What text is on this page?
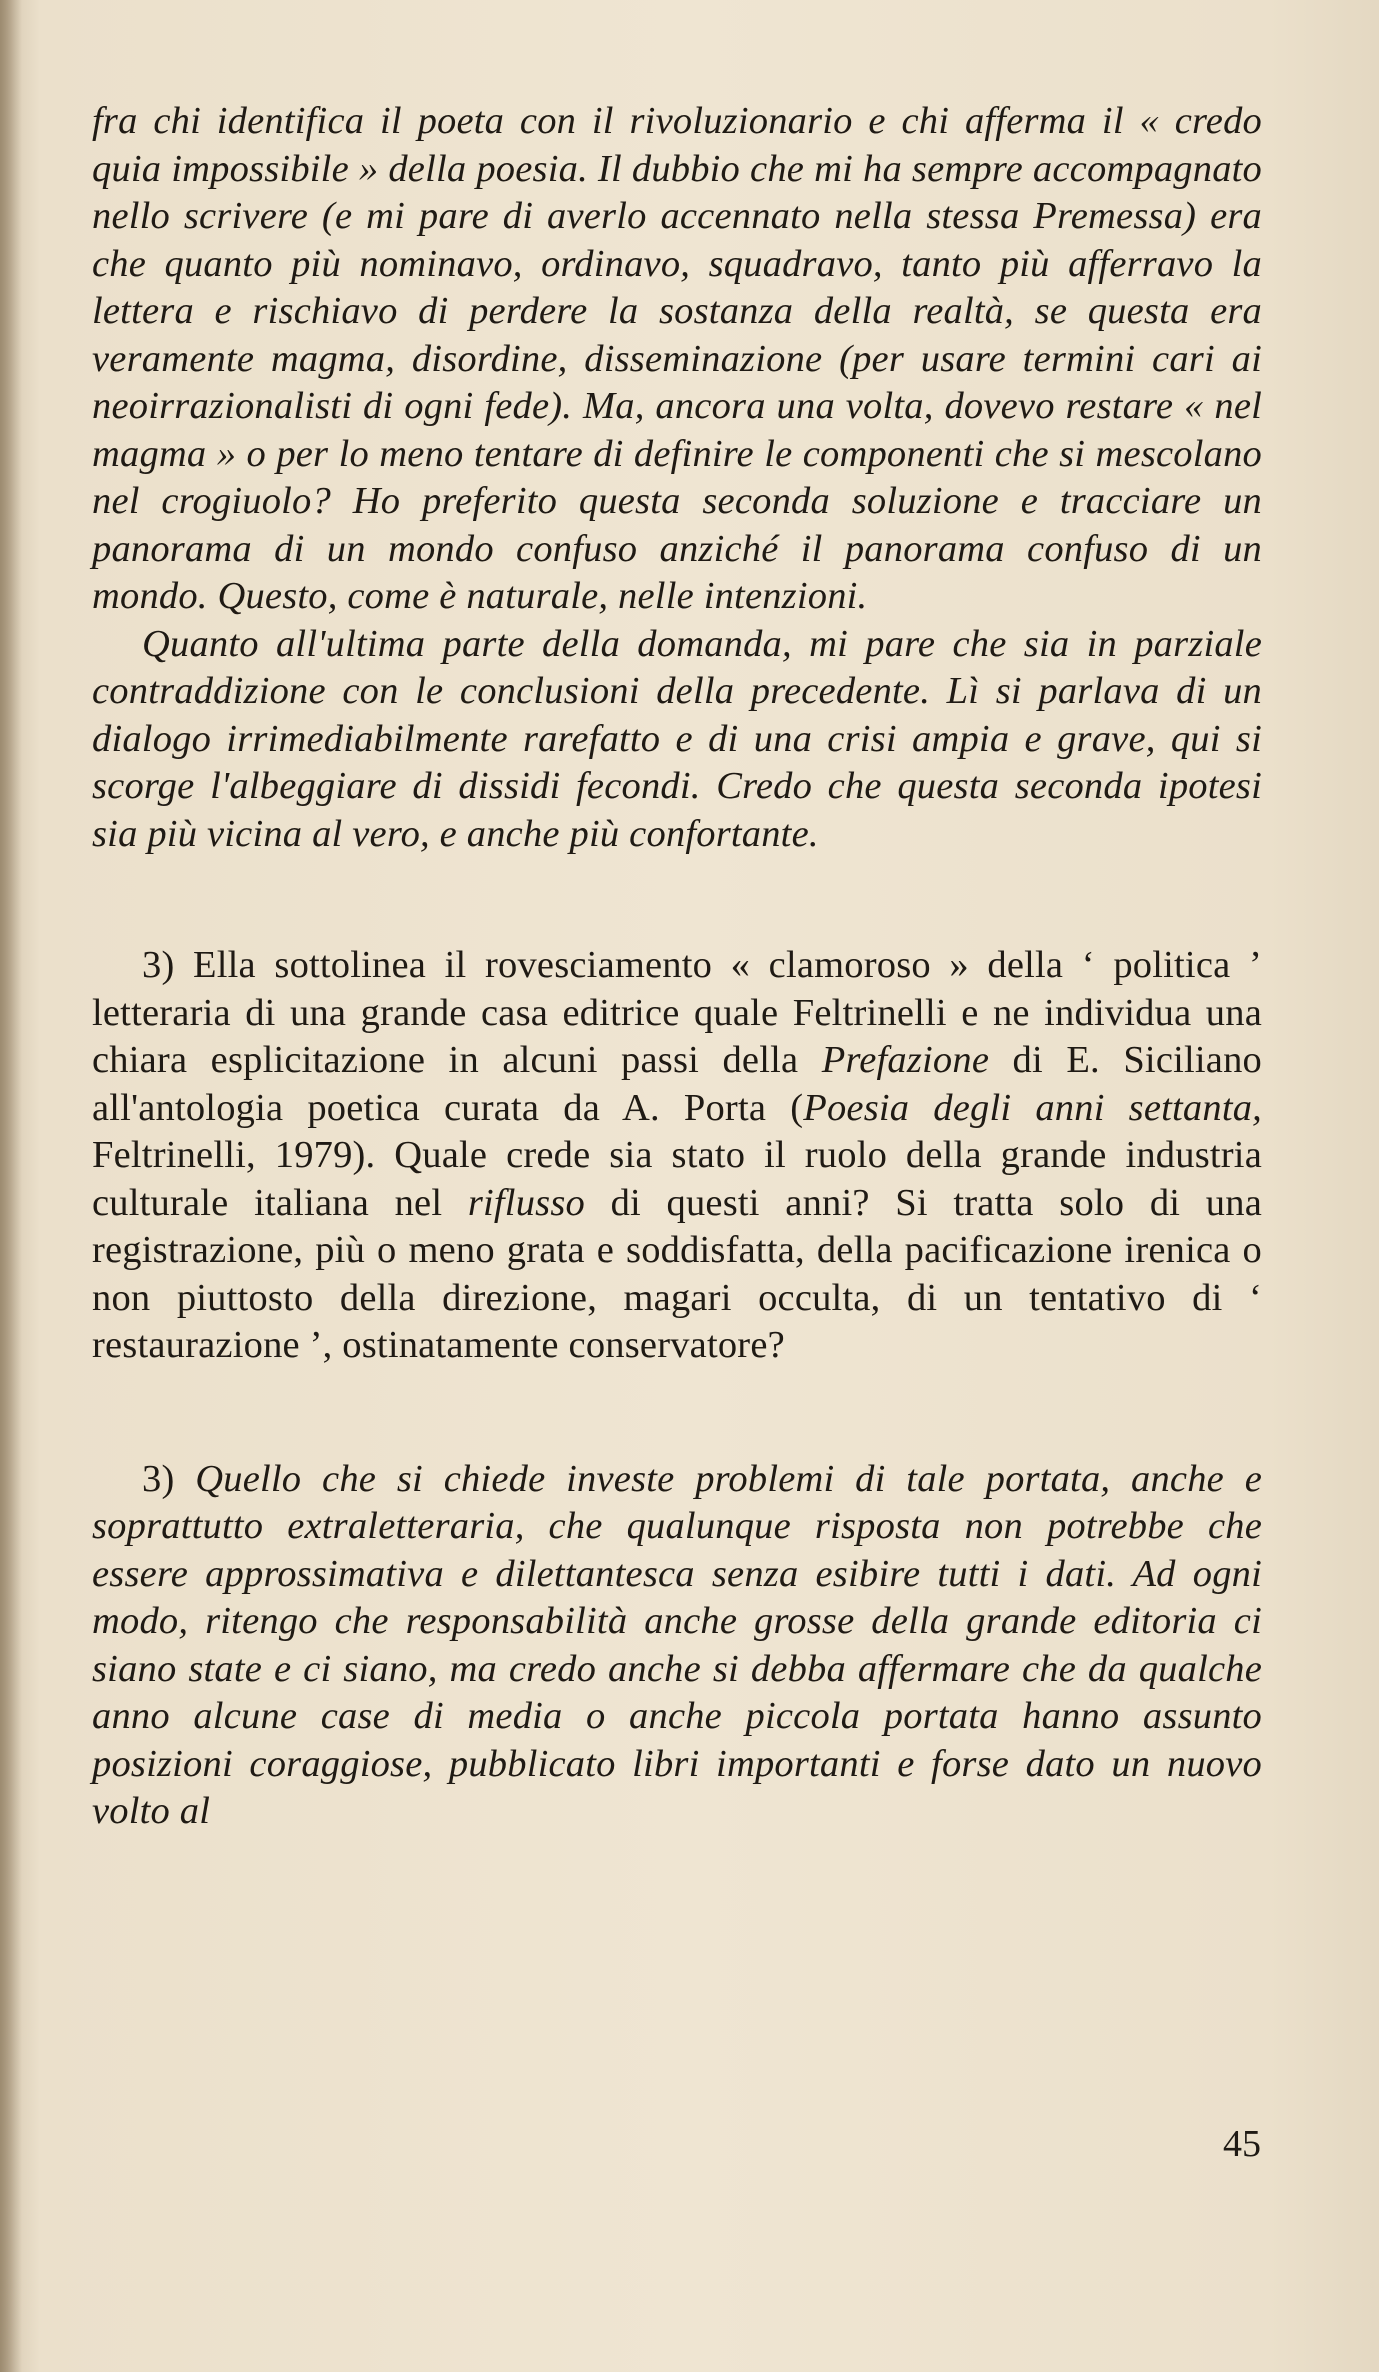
fra chi identifica il poeta con il rivoluzionario e chi afferma il « credo quia impossibile » della poesia. Il dubbio che mi ha sempre accompagnato nello scrivere (e mi pare di averlo accennato nella stessa Premessa) era che quanto più nominavo, ordinavo, squadravo, tanto più afferravo la lettera e rischiavo di perdere la sostanza della realtà, se questa era veramente magma, disordine, disseminazione (per usare termini cari ai neoirrazionalisti di ogni fede). Ma, ancora una volta, dovevo restare « nel magma » o per lo meno tentare di definire le componenti che si mescolano nel crogiuolo? Ho preferito questa seconda soluzione e tracciare un panorama di un mondo confuso anziché il panorama confuso di un mondo. Questo, come è naturale, nelle intenzioni.

Quanto all'ultima parte della domanda, mi pare che sia in parziale contraddizione con le conclusioni della precedente. Lì si parlava di un dialogo irrimediabilmente rarefatto e di una crisi ampia e grave, qui si scorge l'albeggiare di dissidi fecondi. Credo che questa seconda ipotesi sia più vicina al vero, e anche più confortante.

3) Ella sottolinea il rovesciamento « clamoroso » della ‘ politica ’ letteraria di una grande casa editrice quale Feltrinelli e ne individua una chiara esplicitazione in alcuni passi della Prefazione di E. Siciliano all'antologia poetica curata da A. Porta (Poesia degli anni settanta, Feltrinelli, 1979). Quale crede sia stato il ruolo della grande industria culturale italiana nel riflusso di questi anni? Si tratta solo di una registrazione, più o meno grata e soddisfatta, della pacificazione irenica o non piuttosto della direzione, magari occulta, di un tentativo di ‘ restaurazione ’, ostinatamente conservatore?

3) Quello che si chiede investe problemi di tale portata, anche e soprattutto extraletteraria, che qualunque risposta non potrebbe che essere approssimativa e dilettantesca senza esibire tutti i dati. Ad ogni modo, ritengo che responsabilità anche grosse della grande editoria ci siano state e ci siano, ma credo anche si debba affermare che da qualche anno alcune case di media o anche piccola portata hanno assunto posizioni coraggiose, pubblicato libri importanti e forse dato un nuovo volto al

45
